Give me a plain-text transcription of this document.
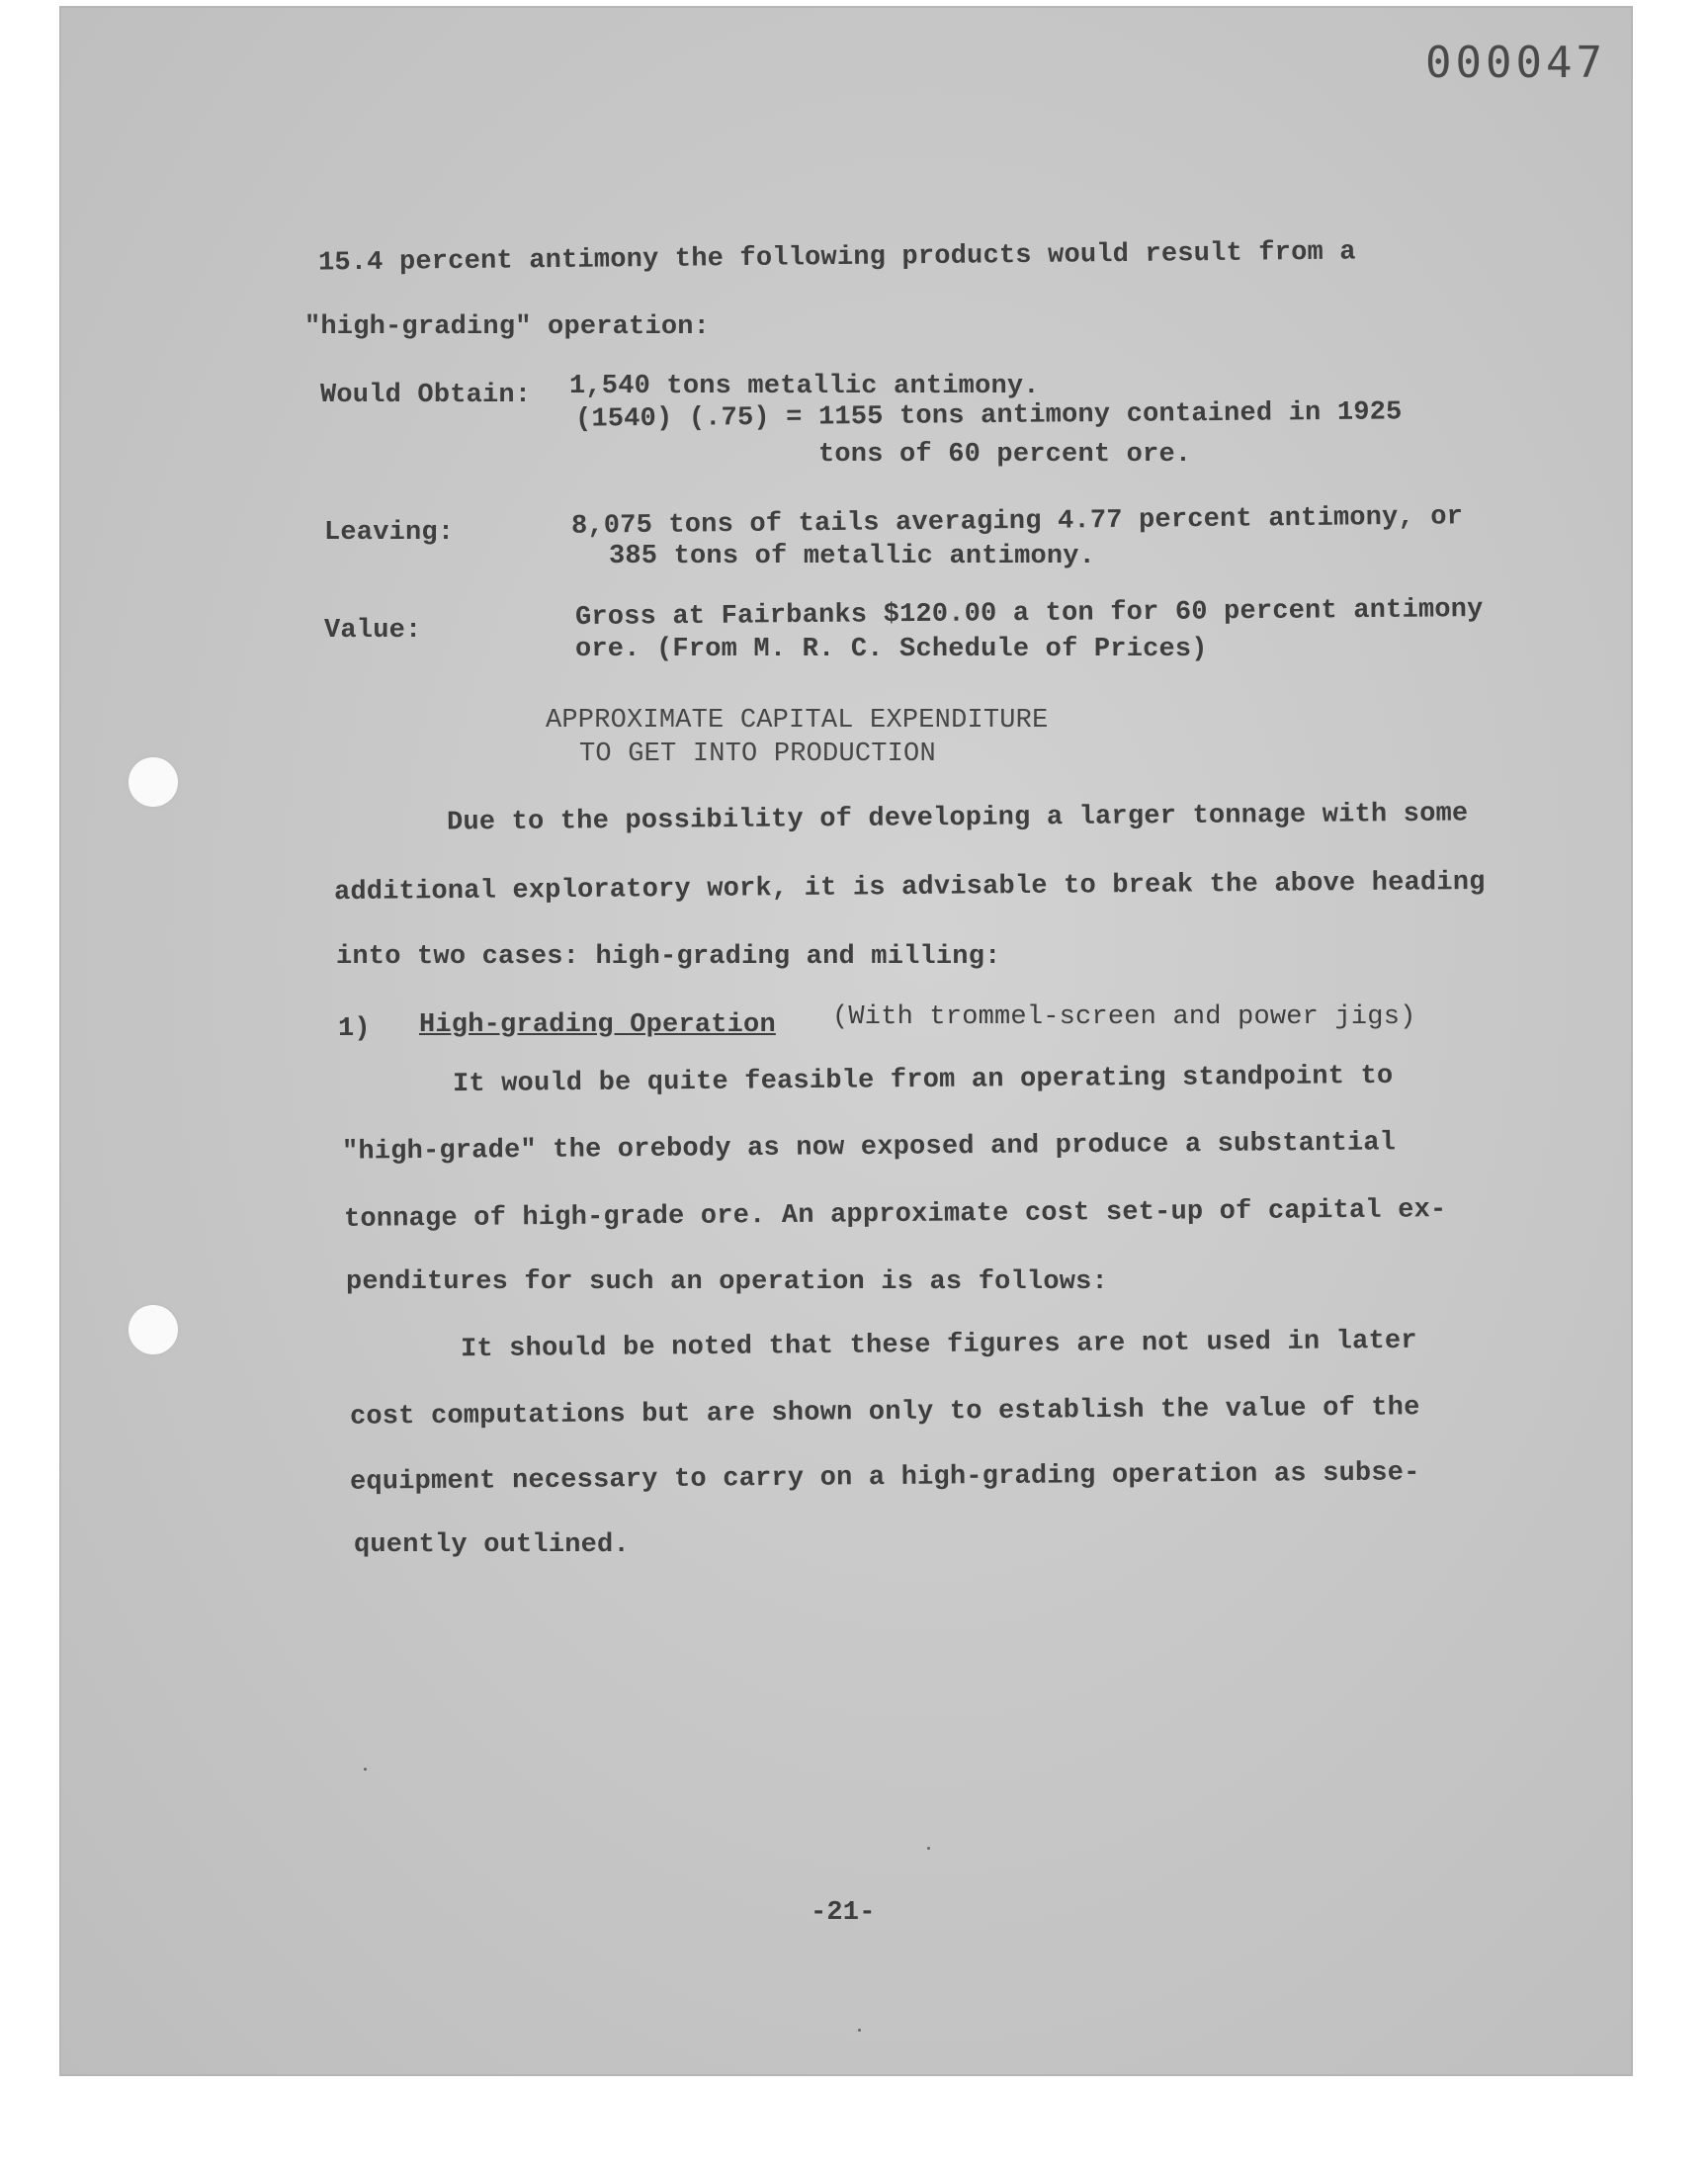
000047
15.4 percent antimony the following products would result from a
"high-grading" operation:
Would Obtain: 1,540 tons metallic antimony.
(1540) (.75) = 1155 tons antimony contained in 1925
tons of 60 percent ore.
Leaving:	8,075 tons of tails averaging 4.77 percent antimony, or
385 tons of metallic antimony.
Value:	Gross at Fairbanks $120.00 a ton for 60 percent antimony
ore. (From M. R. C. Schedule of Prices)
APPROXIMATE CAPITAL EXPENDITURE
TO GET INTO PRODUCTION
Due to the possibility of developing a larger tonnage with some
additional exploratory work, it is advisable to break the above heading
into two cases: high-grading and milling:
1) High-grading Operation (With trommel-screen and power jigs)
It would be quite feasible from an operating standpoint to
"high-grade" the orebody as now exposed and produce a substantial
tonnage of high-grade ore. An approximate cost set-up of capital ex-
penditures for such an operation is as follows:
It should be noted that these figures are not used in later
cost computations but are shown only to establish the value of the
equipment necessary to carry on a high-grading operation as subse-
quently outlined.
-21-
